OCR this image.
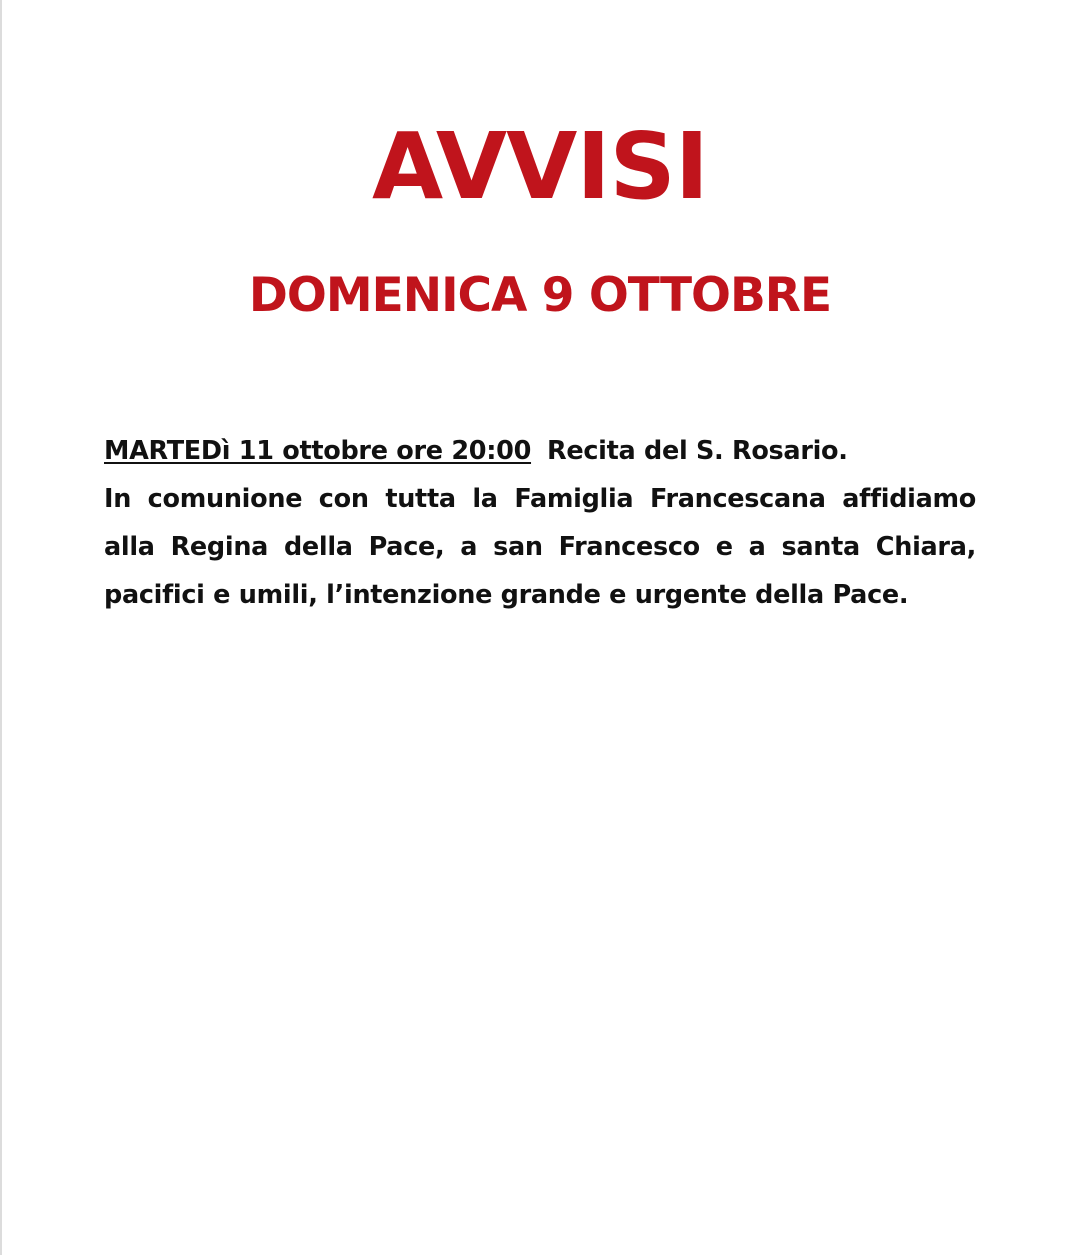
AVVISI
DOMENICA 9 OTTOBRE
MARTEDì 11 ottobre ore 20:00 Recita del S. Rosario.
In comunione con tutta la Famiglia Francescana affidiamo
alla Regina della Pace, a san Francesco e a santa Chiara,
pacifici e umili, l’intenzione grande e urgente della Pace.
